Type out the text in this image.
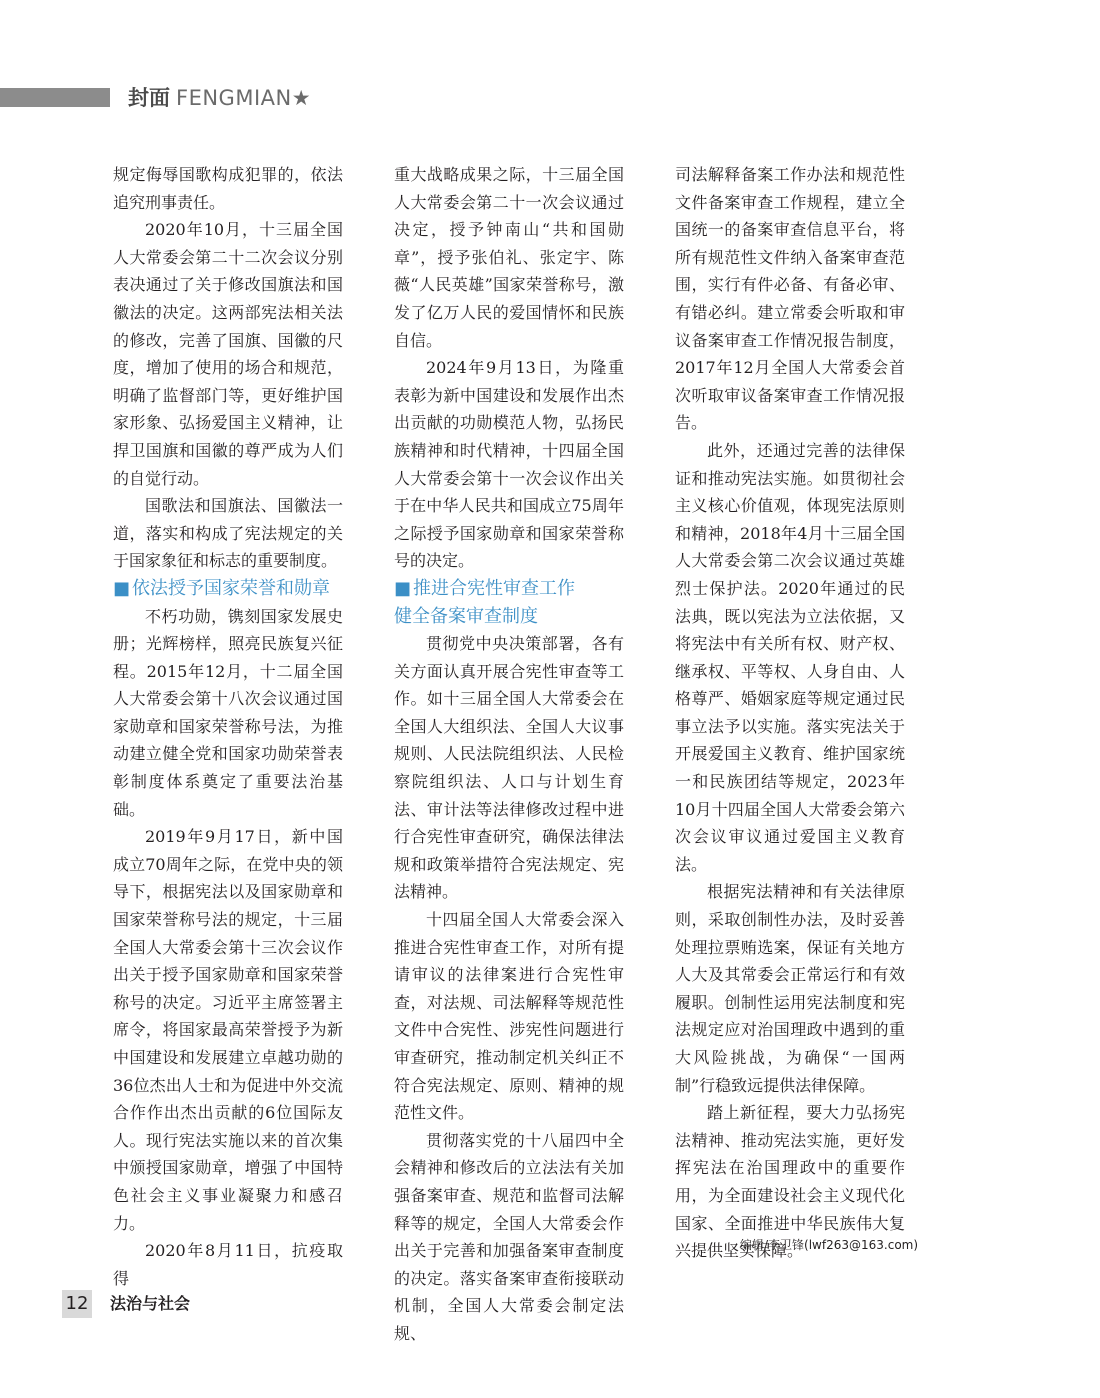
封面 FENGMIAN★

规定侮辱国歌构成犯罪的，依法追究刑事责任。

2020年10月，十三届全国人大常委会第二十二次会议分别表决通过了关于修改国旗法和国徽法的决定。这两部宪法相关法的修改，完善了国旗、国徽的尺度，增加了使用的场合和规范，明确了监督部门等，更好维护国家形象、弘扬爱国主义精神，让捍卫国旗和国徽的尊严成为人们的自觉行动。

国歌法和国旗法、国徽法一道，落实和构成了宪法规定的关于国家象征和标志的重要制度。

■ 依法授予国家荣誉和勋章

不朽功勋，镌刻国家发展史册；光辉榜样，照亮民族复兴征程。2015年12月，十二届全国人大常委会第十八次会议通过国家勋章和国家荣誉称号法，为推动建立健全党和国家功勋荣誉表彰制度体系奠定了重要法治基础。

2019年9月17日，新中国成立70周年之际，在党中央的领导下，根据宪法以及国家勋章和国家荣誉称号法的规定，十三届全国人大常委会第十三次会议作出关于授予国家勋章和国家荣誉称号的决定。习近平主席签署主席令，将国家最高荣誉授予为新中国建设和发展建立卓越功勋的36位杰出人士和为促进中外交流合作作出杰出贡献的6位国际友人。现行宪法实施以来的首次集中颁授国家勋章，增强了中国特色社会主义事业凝聚力和感召力。

2020年8月11日，抗疫取得

重大战略成果之际，十三届全国人大常委会第二十一次会议通过决定，授予钟南山“共和国勋章”，授予张伯礼、张定宇、陈薇“人民英雄”国家荣誉称号，激发了亿万人民的爱国情怀和民族自信。

2024年9月13日，为隆重表彰为新中国建设和发展作出杰出贡献的功勋模范人物，弘扬民族精神和时代精神，十四届全国人大常委会第十一次会议作出关于在中华人民共和国成立75周年之际授予国家勋章和国家荣誉称号的决定。

■ 推进合宪性审查工作
健全备案审查制度

贯彻党中央决策部署，各有关方面认真开展合宪性审查等工作。如十三届全国人大常委会在全国人大组织法、全国人大议事规则、人民法院组织法、人民检察院组织法、人口与计划生育法、审计法等法律修改过程中进行合宪性审查研究，确保法律法规和政策举措符合宪法规定、宪法精神。

十四届全国人大常委会深入推进合宪性审查工作，对所有提请审议的法律案进行合宪性审查，对法规、司法解释等规范性文件中合宪性、涉宪性问题进行审查研究，推动制定机关纠正不符合宪法规定、原则、精神的规范性文件。

贯彻落实党的十八届四中全会精神和修改后的立法法有关加强备案审查、规范和监督司法解释等的规定，全国人大常委会作出关于完善和加强备案审查制度的决定。落实备案审查衔接联动机制，全国人大常委会制定法规、

司法解释备案工作办法和规范性文件备案审查工作规程，建立全国统一的备案审查信息平台，将所有规范性文件纳入备案审查范围，实行有件必备、有备必审、有错必纠。建立常委会听取和审议备案审查工作情况报告制度，2017年12月全国人大常委会首次听取审议备案审查工作情况报告。

此外，还通过完善的法律保证和推动宪法实施。如贯彻社会主义核心价值观，体现宪法原则和精神，2018年4月十三届全国人大常委会第二次会议通过英雄烈士保护法。2020年通过的民法典，既以宪法为立法依据，又将宪法中有关所有权、财产权、继承权、平等权、人身自由、人格尊严、婚姻家庭等规定通过民事立法予以实施。落实宪法关于开展爱国主义教育、维护国家统一和民族团结等规定，2023年10月十四届全国人大常委会第六次会议审议通过爱国主义教育法。

根据宪法精神和有关法律原则，采取创制性办法，及时妥善处理拉票贿选案，保证有关地方人大及其常委会正常运行和有效履职。创制性运用宪法制度和宪法规定应对治国理政中遇到的重大风险挑战，为确保“一国两制”行稳致远提供法律保障。

踏上新征程，要大力弘扬宪法精神、推动宪法实施，更好发挥宪法在治国理政中的重要作用，为全面建设社会主义现代化国家、全面推进中华民族伟大复兴提供坚实保障。

编辑/李卫锋(lwf263@163.com)
12 法治与社会
